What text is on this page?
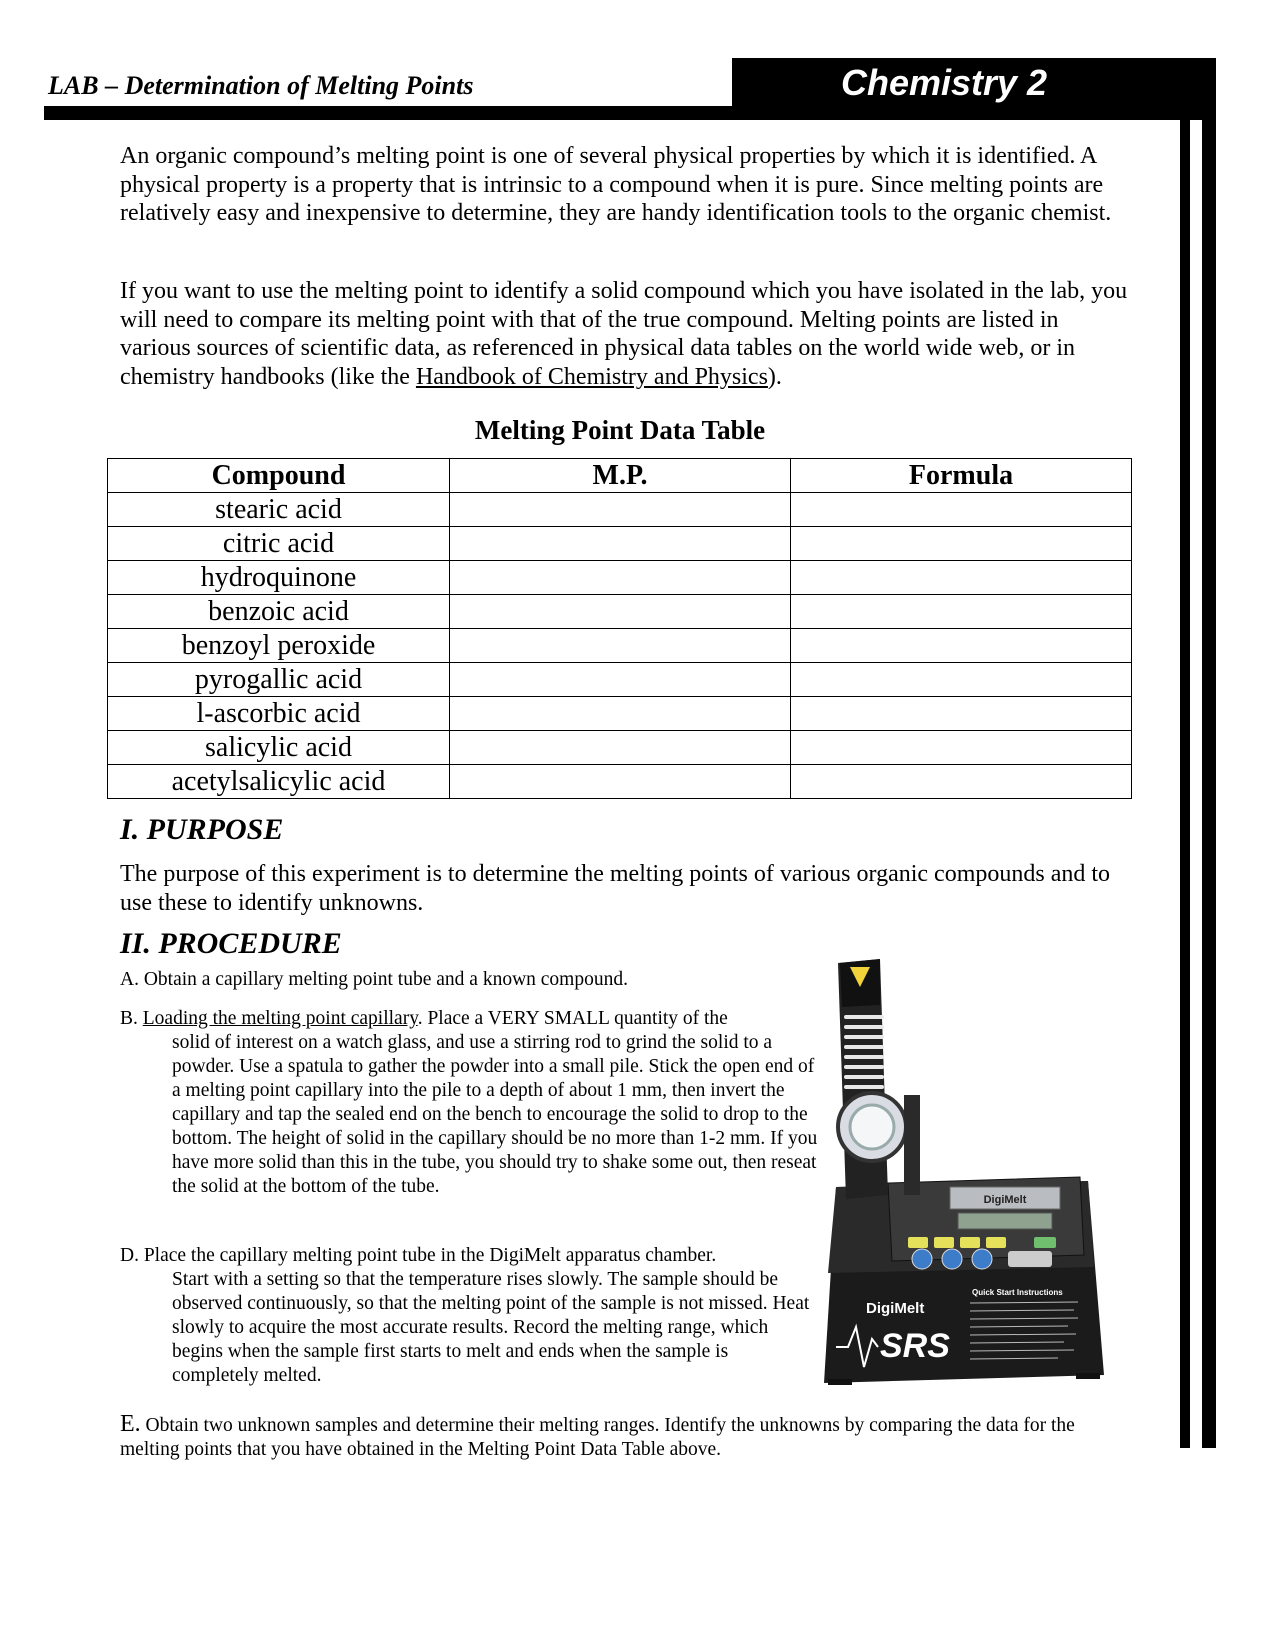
LAB – Determination of Melting Points	Chemistry 2

An organic compound’s melting point is one of several physical properties by which it is identified. A physical property is a property that is intrinsic to a compound when it is pure. Since melting points are relatively easy and inexpensive to determine, they are handy identification tools to the organic chemist.

If you want to use the melting point to identify a solid compound which you have isolated in the lab, you will need to compare its melting point with that of the true compound. Melting points are listed in various sources of scientific data, as referenced in physical data tables on the world wide web, or in chemistry handbooks (like the Handbook of Chemistry and Physics).

Melting Point Data Table
Compound	M.P.	Formula
stearic acid		
citric acid		
hydroquinone		
benzoic acid		
benzoyl peroxide		
pyrogallic acid		
l-ascorbic acid		
salicylic acid		
acetylsalicylic acid		
I. PURPOSE

The purpose of this experiment is to determine the melting points of various organic compounds and to use these to identify unknowns.

II. PROCEDURE

A. Obtain a capillary melting point tube and a known compound.

B. Loading the melting point capillary. Place a VERY SMALL quantity of the
solid of interest on a watch glass, and use a stirring rod to grind the solid to a powder. Use a spatula to gather the powder into a small pile. Stick the open end of a melting point capillary into the pile to a depth of about 1 mm, then invert the capillary and tap the sealed end on the bench to encourage the solid to drop to the bottom. The height of solid in the capillary should be no more than 1-2 mm. If you have more solid than this in the tube, you should try to shake some out, then reseat the solid at the bottom of the tube.

D. Place the capillary melting point tube in the DigiMelt apparatus chamber.
Start with a setting so that the temperature rises slowly. The sample should be observed continuously, so that the melting point of the sample is not missed. Heat slowly to acquire the most accurate results. Record the melting range, which begins when the sample first starts to melt and ends when the sample is completely melted.

E. Obtain two unknown samples and determine their melting ranges. Identify the unknowns by comparing the data for the melting points that you have obtained in the Melting Point Data Table above.

DigiMelt
DigiMelt
Quick Start Instructions
SRS
